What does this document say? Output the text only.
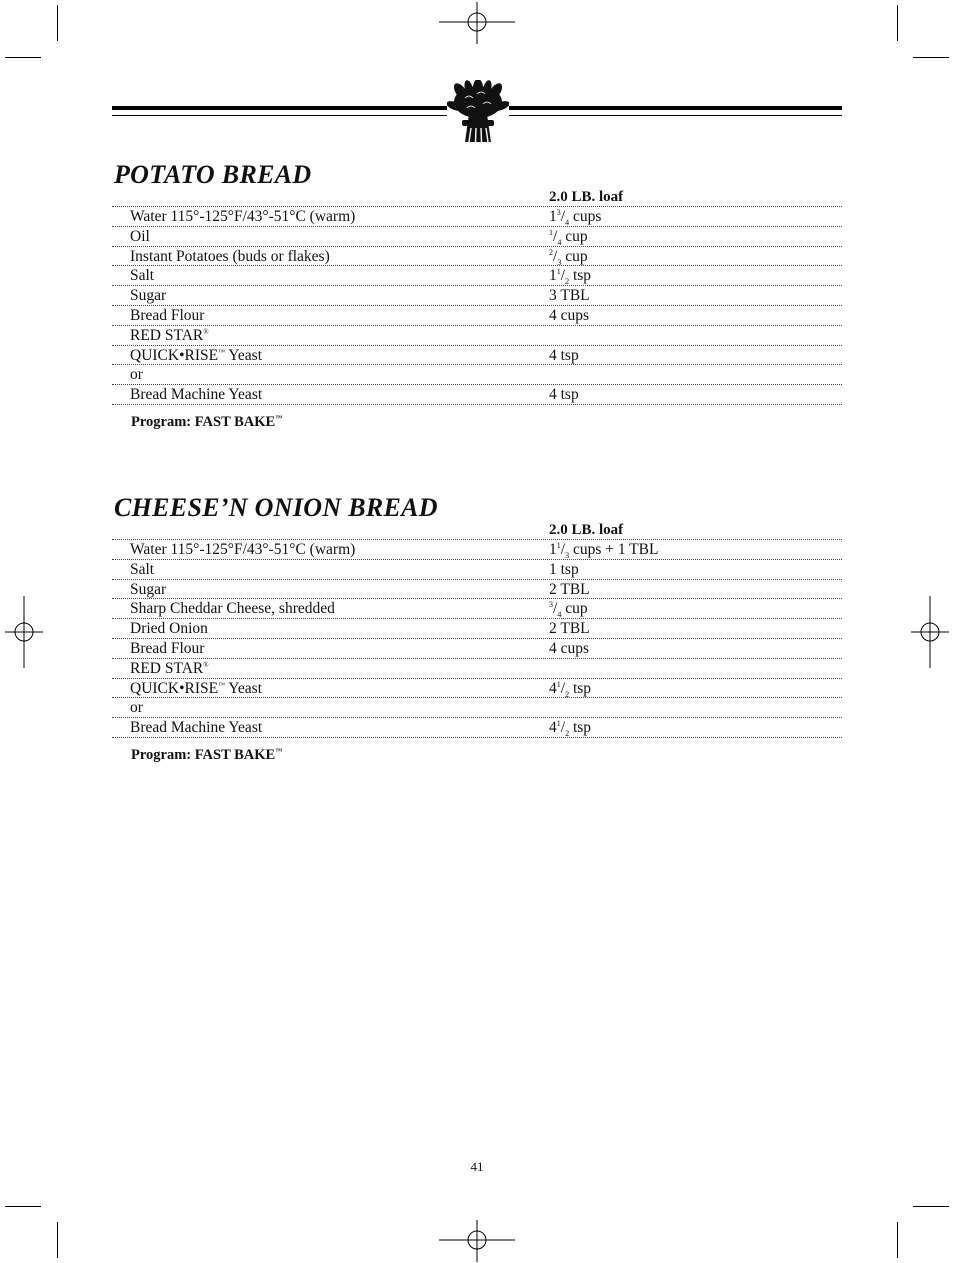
POTATO BREAD
2.0 LB. loaf
Water 115°-125°F/43°-51°C (warm)	$1^3/_4$ cups
Oil	$^1/_4$ cup
Instant Potatoes (buds or flakes)	$^2/_3$ cup
Salt	$1^1/_2$ tsp
Sugar	3 TBL
Bread Flour	4 cups
RED STAR®
QUICK•RISE™ Yeast	4 tsp
or
Bread Machine Yeast	4 tsp
Program: FAST BAKE™
CHEESE’N ONION BREAD
2.0 LB. loaf
Water 115°-125°F/43°-51°C (warm)	$1^1/_3$ cups + 1 TBL
Salt	1 tsp
Sugar	2 TBL
Sharp Cheddar Cheese, shredded	$^3/_4$ cup
Dried Onion	2 TBL
Bread Flour	4 cups
RED STAR®
QUICK•RISE™ Yeast	$4^1/_2$ tsp
or
Bread Machine Yeast	$4^1/_2$ tsp
Program: FAST BAKE™
41
